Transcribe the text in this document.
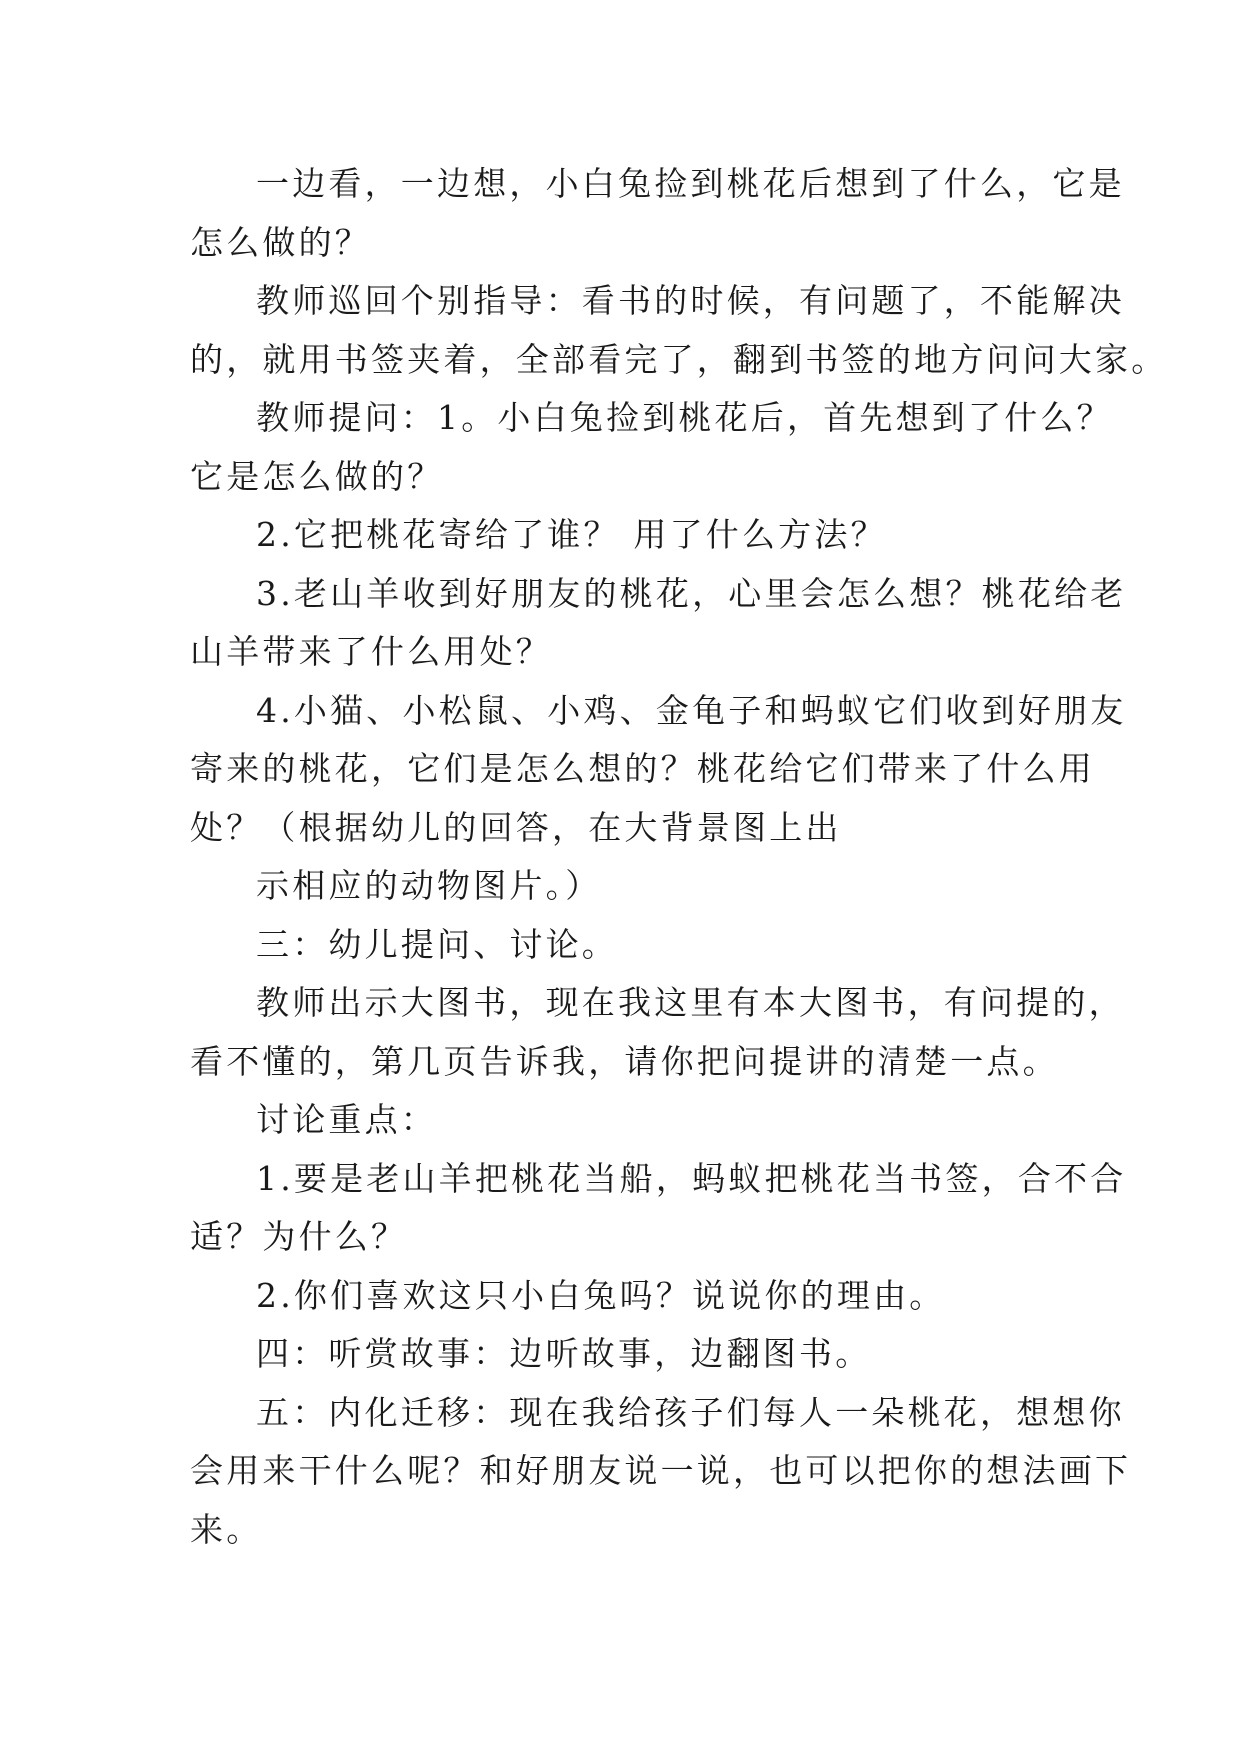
一边看，一边想，小白兔捡到桃花后想到了什么，它是
怎么做的？

教师巡回个别指导：看书的时候，有问题了，不能解决
的，就用书签夹着，全部看完了，翻到书签的地方问问大家。

教师提问：1。小白兔捡到桃花后，首先想到了什么？
它是怎么做的？

2.它把桃花寄给了谁？ 用了什么方法？

3.老山羊收到好朋友的桃花，心里会怎么想？桃花给老
山羊带来了什么用处？

4.小猫、小松鼠、小鸡、金龟子和蚂蚁它们收到好朋友
寄来的桃花，它们是怎么想的？桃花给它们带来了什么用
处？（根据幼儿的回答，在大背景图上出

示相应的动物图片。）

三：幼儿提问、讨论。

教师出示大图书，现在我这里有本大图书，有问提的，
看不懂的，第几页告诉我，请你把问提讲的清楚一点。

讨论重点：

1.要是老山羊把桃花当船，蚂蚁把桃花当书签，合不合
适？为什么？

2.你们喜欢这只小白兔吗？说说你的理由。

四：听赏故事：边听故事，边翻图书。

五：内化迁移：现在我给孩子们每人一朵桃花，想想你
会用来干什么呢？和好朋友说一说，也可以把你的想法画下
来。
